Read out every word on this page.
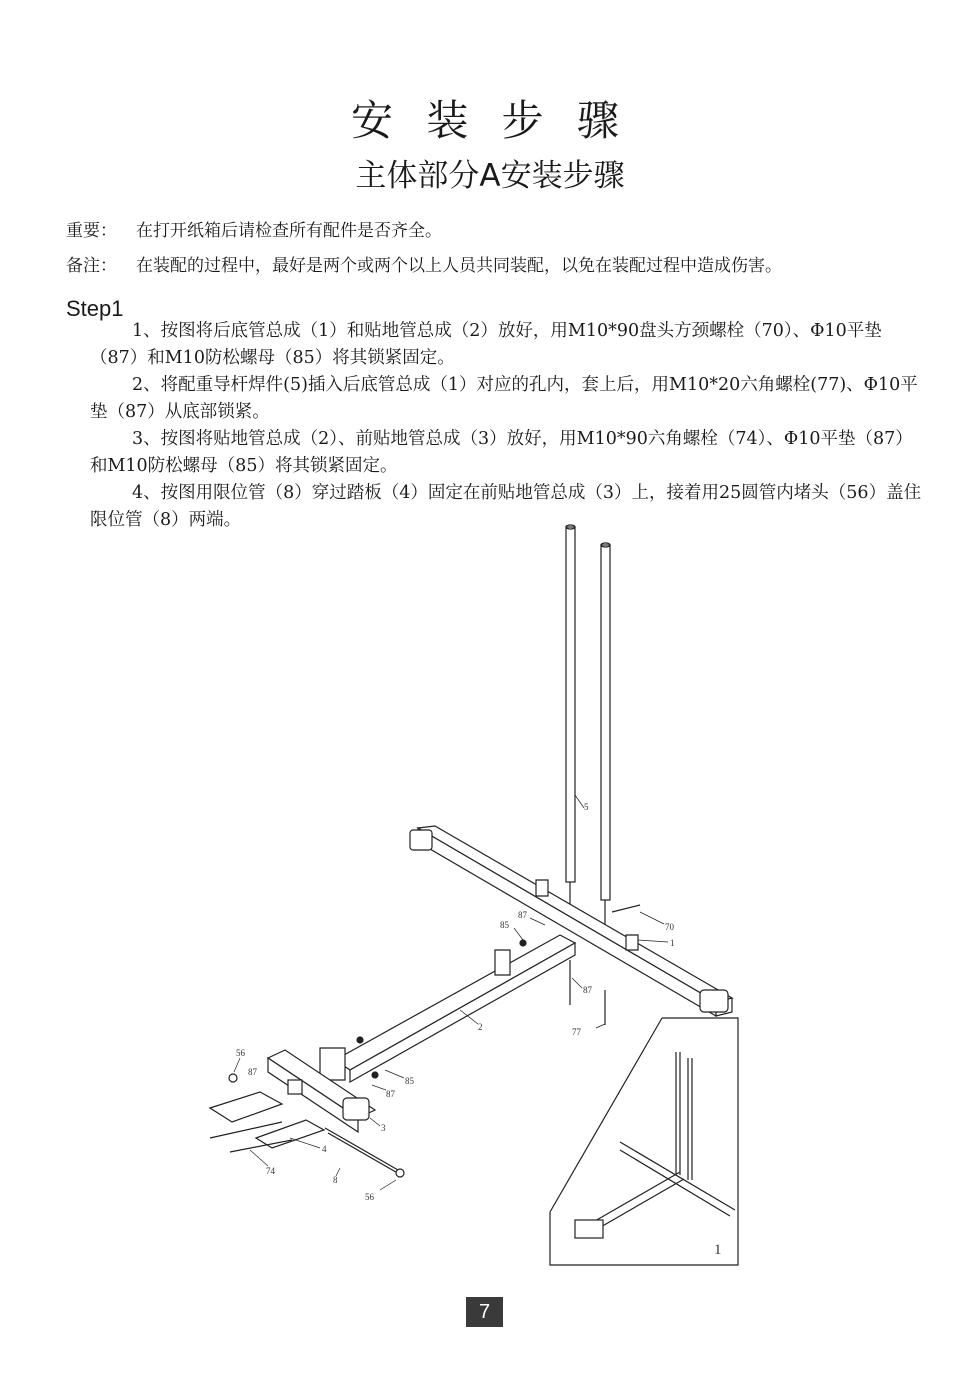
安 装 步 骤
主体部分A安装步骤
重要： 在打开纸箱后请检查所有配件是否齐全。
备注： 在装配的过程中，最好是两个或两个以上人员共同装配，以免在装配过程中造成伤害。
Step1

1、按图将后底管总成（1）和贴地管总成（2）放好，用M10*90盘头方颈螺栓（70）、Φ10平垫（87）和M10防松螺母（85）将其锁紧固定。

2、将配重导杆焊件(5)插入后底管总成（1）对应的孔内，套上后，用M10*20六角螺栓(77)、Φ10平垫（87）从底部锁紧。

3、按图将贴地管总成（2）、前贴地管总成（3）放好，用M10*90六角螺栓（74）、Φ10平垫（87）和M10防松螺母（85）将其锁紧固定。

4、按图用限位管（8）穿过踏板（4）固定在前贴地管总成（3）上，接着用25圆管内堵头（56）盖住限位管（8）两端。

5
70
1
85
87
87
77
2
85
87
56
87
3
4
74
8
56
1
7
